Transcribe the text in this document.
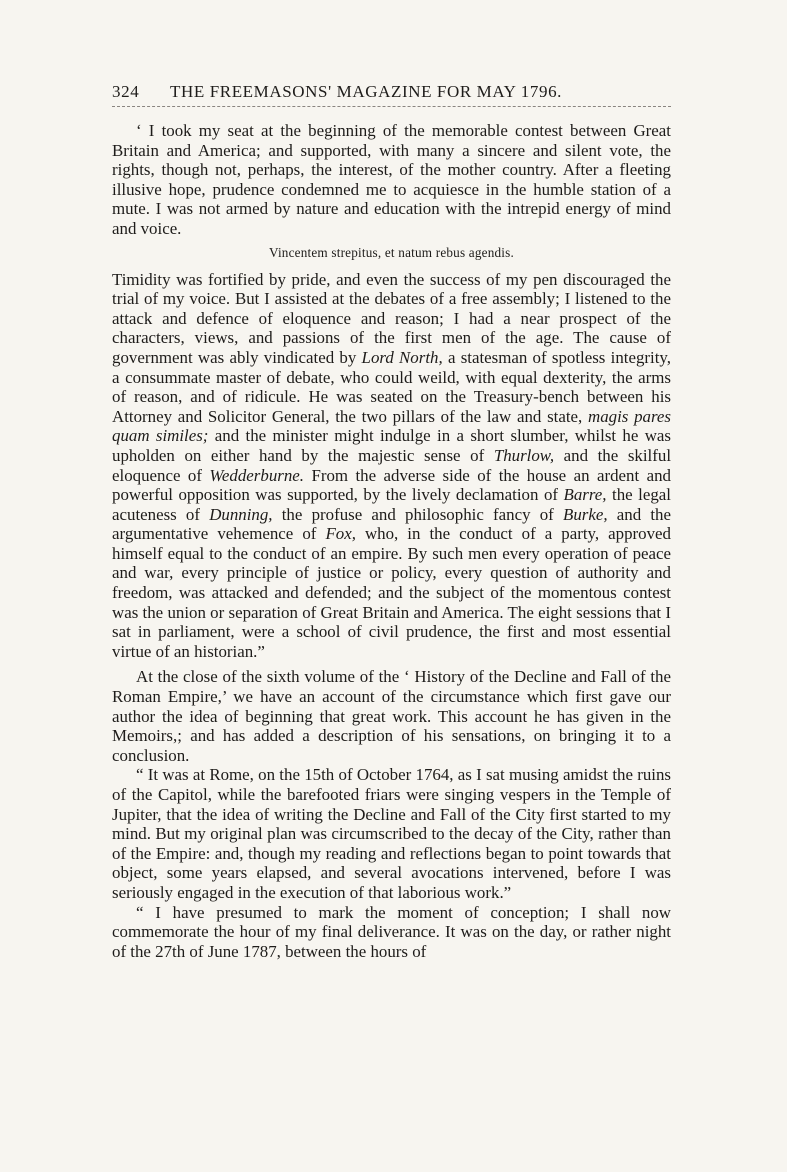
324	THE FREEMASONS' MAGAZINE FOR MAY 1796.

‘ I took my seat at the beginning of the memorable contest between Great Britain and America; and supported, with many a sincere and silent vote, the rights, though not, perhaps, the interest, of the mother country. After a fleeting illusive hope, prudence condemned me to acquiesce in the humble station of a mute. I was not armed by nature and education with the intrepid energy of mind and voice.

Vincentem strepitus, et natum rebus agendis.

Timidity was fortified by pride, and even the success of my pen discouraged the trial of my voice. But I assisted at the debates of a free assembly; I listened to the attack and defence of eloquence and reason; I had a near prospect of the characters, views, and passions of the first men of the age. The cause of government was ably vindicated by Lord North, a statesman of spotless integrity, a consummate master of debate, who could weild, with equal dexterity, the arms of reason, and of ridicule. He was seated on the Treasury-bench between his Attorney and Solicitor General, the two pillars of the law and state, magis pares quam similes; and the minister might indulge in a short slumber, whilst he was upholden on either hand by the majestic sense of Thurlow, and the skilful eloquence of Wedderburne. From the adverse side of the house an ardent and powerful opposition was supported, by the lively declamation of Barre, the legal acuteness of Dunning, the profuse and philosophic fancy of Burke, and the argumentative vehemence of Fox, who, in the conduct of a party, approved himself equal to the conduct of an empire. By such men every operation of peace and war, every principle of justice or policy, every question of authority and freedom, was attacked and defended; and the subject of the momentous contest was the union or separation of Great Britain and America. The eight sessions that I sat in parliament, were a school of civil prudence, the first and most essential virtue of an historian.”

At the close of the sixth volume of the ‘ History of the Decline and Fall of the Roman Empire,’ we have an account of the circumstance which first gave our author the idea of beginning that great work. This account he has given in the Memoirs,; and has added a description of his sensations, on bringing it to a conclusion.

“ It was at Rome, on the 15th of October 1764, as I sat musing amidst the ruins of the Capitol, while the barefooted friars were singing vespers in the Temple of Jupiter, that the idea of writing the Decline and Fall of the City first started to my mind. But my original plan was circumscribed to the decay of the City, rather than of the Empire: and, though my reading and reflections began to point towards that object, some years elapsed, and several avocations intervened, before I was seriously engaged in the execution of that laborious work.”

“ I have presumed to mark the moment of conception; I shall now commemorate the hour of my final deliverance. It was on the day, or rather night of the 27th of June 1787, between the hours of
